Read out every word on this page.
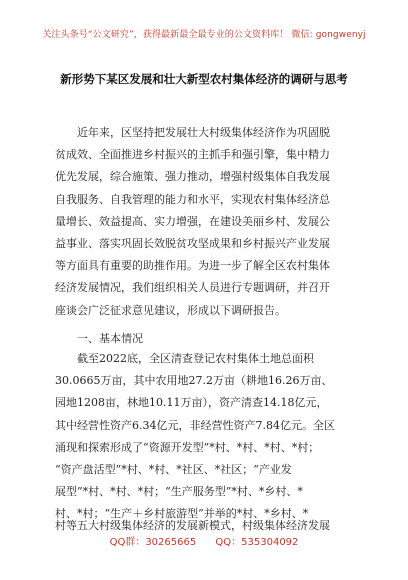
关注头条号“公文研究”，获得最新最全最专业的公文资料库！ 微信: gongwenyj
新形势下某区发展和壮大新型农村集体经济的调研与思考
近年来，区坚持把发展壮大村级集体经济作为巩固脱
贫成效、全面推进乡村振兴的主抓手和强引擎，集中精力
优先发展，综合施策、强力推动，增强村级集体自我发展
自我服务、自我管理的能力和水平，实现农村集体经济总
量增长、效益提高、实力增强，在建设美丽乡村、发展公
益事业、落实巩固长效脱贫攻坚成果和乡村振兴产业发展
等方面具有重要的助推作用。为进一步了解全区农村集体
经济发展情况，我们组织相关人员进行专题调研，并召开
座谈会广泛征求意见建议，形成以下调研报告。
一、基本情况
截至2022底，全区清查登记农村集体土地总面积
30.0665万亩，其中农用地27.2万亩（耕地16.26万亩、
园地1208亩，林地10.11万亩），资产清查14.18亿元，
其中经营性资产6.34亿元，非经营性资产7.84亿元。全区
涌现和探索形成了“资源开发型”*村、*村、*村、*村；
“资产盘活型”*村、*村、*社区、*社区；“产业发
展型”*村、*村、*村；“生产服务型”*村、*乡村、*
村、*村；“生产＋乡村旅游型”并举的*村、*乡村、*
村等五大村级集体经济的发展新模式，村级集体经济发展
QQ群：30265665 QQ：535304092
